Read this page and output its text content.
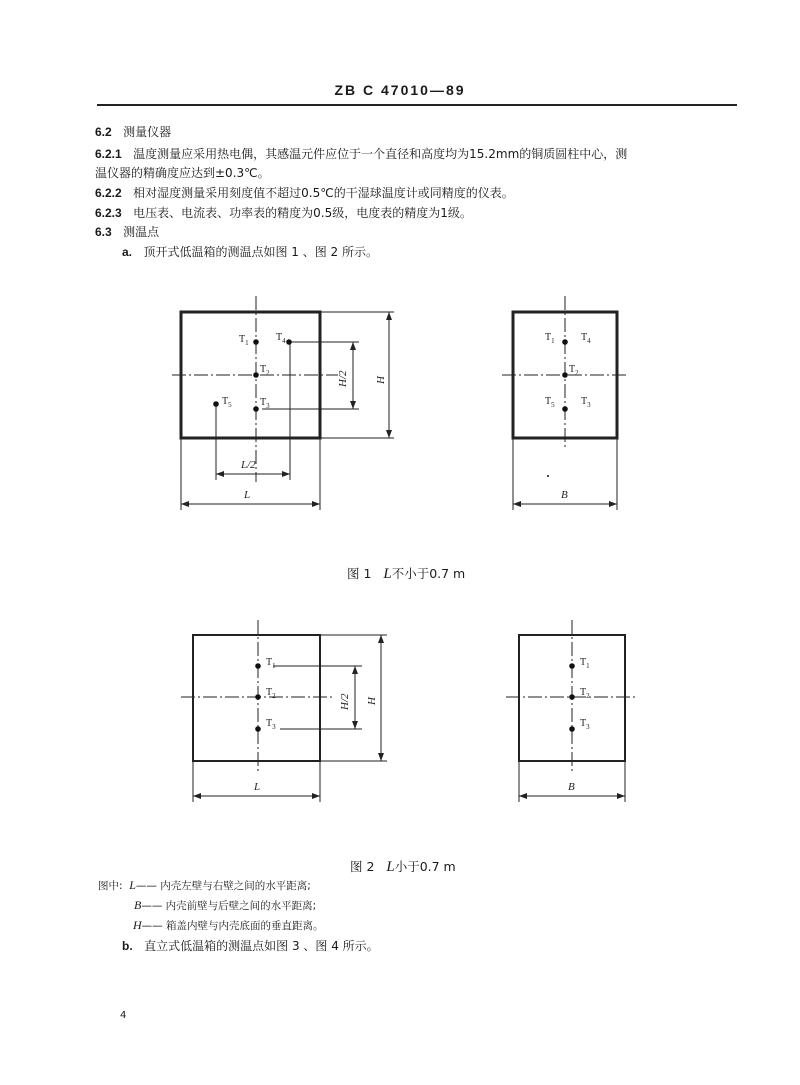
ZB C 47010—89
6.2 测量仪器
6.2.1 温度测量应采用热电偶，其感温元件应位于一个直径和高度均为15.2mm的铜质圆柱中心，测
温仪器的精确度应达到±0.3℃。
6.2.2 相对湿度测量采用刻度值不超过0.5℃的干湿球温度计或同精度的仪表。
6.2.3 电压表、电流表、功率表的精度为0.5级，电度表的精度为1级。
6.3 测温点
a. 顶开式低温箱的测温点如图 1 、图 2 所示。
$T_1$
$T_2$
$T_3$
$T_4$
$T_5$
$T_1$
$T_2$
$T_3$
$T_4$
$T_5$
$T_1$
$T_2$
$T_3$
$T_1$
$T_2$
$T_3$
H/2 H
L/2
L	B
H/2 H
L	B
图 1 L不小于0.7 m
图 2 L小于0.7 m
图中: L—— 内壳左壁与右壁之间的水平距离;
B—— 内壳前壁与后壁之间的水平距离;
H—— 箱盖内壁与内壳底面的垂直距离。
b. 直立式低温箱的测温点如图 3 、图 4 所示。
4
